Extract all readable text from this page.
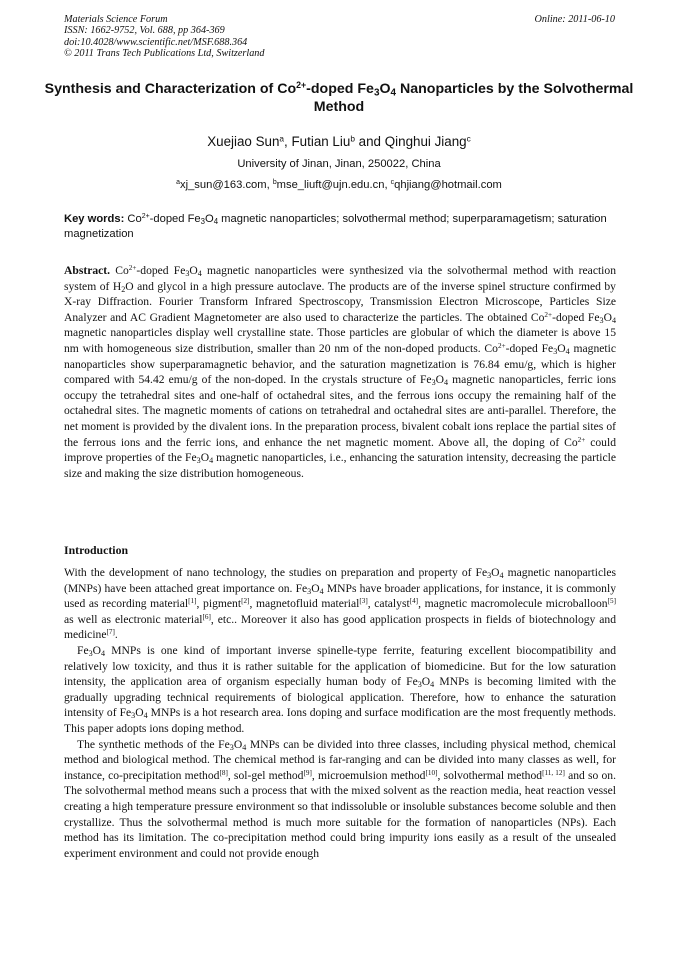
Materials Science Forum
ISSN: 1662-9752, Vol. 688, pp 364-369
doi:10.4028/www.scientific.net/MSF.688.364
© 2011 Trans Tech Publications Ltd, Switzerland
Online: 2011-06-10
Synthesis and Characterization of $Co^{2+}$-doped $Fe_3O_4$ Nanoparticles by the Solvothermal Method
Xuejiao Sun$^a$, Futian Liu$^b$ and Qinghui Jiang$^c$
University of Jinan, Jinan, 250022, China
$^a$xj_sun@163.com, $^b$mse_liuft@ujn.edu.cn, $^c$qhjiang@hotmail.com
Key words: $Co^{2+}$-doped $Fe_3O_4$ magnetic nanoparticles; solvothermal method; superparamagetism; saturation magnetization
Abstract. $Co^{2+}$-doped $Fe_3O_4$ magnetic nanoparticles were synthesized via the solvothermal method with reaction system of $H_2O$ and glycol in a high pressure autoclave. The products are of the inverse spinel structure confirmed by X-ray Diffraction. Fourier Transform Infrared Spectroscopy, Transmission Electron Microscope, Particles Size Analyzer and AC Gradient Magnetometer are also used to characterize the particles. The obtained $Co^{2+}$-doped $Fe_3O_4$ magnetic nanoparticles display well crystalline state. Those particles are globular of which the diameter is above 15 nm with homogeneous size distribution, smaller than 20 nm of the non-doped products. $Co^{2+}$-doped $Fe_3O_4$ magnetic nanoparticles show superparamagnetic behavior, and the saturation magnetization is 76.84 emu/g, which is higher compared with 54.42 emu/g of the non-doped. In the crystals structure of $Fe_3O_4$ magnetic nanoparticles, ferric ions occupy the tetrahedral sites and one-half of octahedral sites, and the ferrous ions occupy the remaining half of the octahedral sites. The magnetic moments of cations on tetrahedral and octahedral sites are anti-parallel. Therefore, the net moment is provided by the divalent ions. In the preparation process, bivalent cobalt ions replace the partial sites of the ferrous ions and the ferric ions, and enhance the net magnetic moment. Above all, the doping of $Co^{2+}$ could improve properties of the $Fe_3O_4$ magnetic nanoparticles, i.e., enhancing the saturation intensity, decreasing the particle size and making the size distribution homogeneous.
Introduction

With the development of nano technology, the studies on preparation and property of $Fe_3O_4$ magnetic nanoparticles (MNPs) have been attached great importance on. $Fe_3O_4$ MNPs have broader applications, for instance, it is commonly used as recording material[1], pigment[2], magnetofluid material[3], catalyst[4], magnetic macromolecule microballoon[5] as well as electronic material[6], etc.. Moreover it also has good application prospects in fields of biotechnology and medicine[7].

$Fe_3O_4$ MNPs is one kind of important inverse spinelle-type ferrite, featuring excellent biocompatibility and relatively low toxicity, and thus it is rather suitable for the application of biomedicine. But for the low saturation intensity, the application area of organism especially human body of $Fe_3O_4$ MNPs is becoming limited with the gradually upgrading technical requirements of biological application. Therefore, how to enhance the saturation intensity of $Fe_3O_4$ MNPs is a hot research area. Ions doping and surface modification are the most frequently methods. This paper adopts ions doping method.

The synthetic methods of the $Fe_3O_4$ MNPs can be divided into three classes, including physical method, chemical method and biological method. The chemical method is far-ranging and can be divided into many classes as well, for instance, co-precipitation method[8], sol-gel method[9], microemulsion method[10], solvothermal method[11, 12] and so on. The solvothermal method means such a process that with the mixed solvent as the reaction media, heat reaction vessel creating a high temperature pressure environment so that indissoluble or insoluble substances become soluble and then crystallize. Thus the solvothermal method is much more suitable for the formation of nanoparticles (NPs). Each method has its limitation. The co-precipitation method could bring impurity ions easily as a result of the unsealed experiment environment and could not provide enough
